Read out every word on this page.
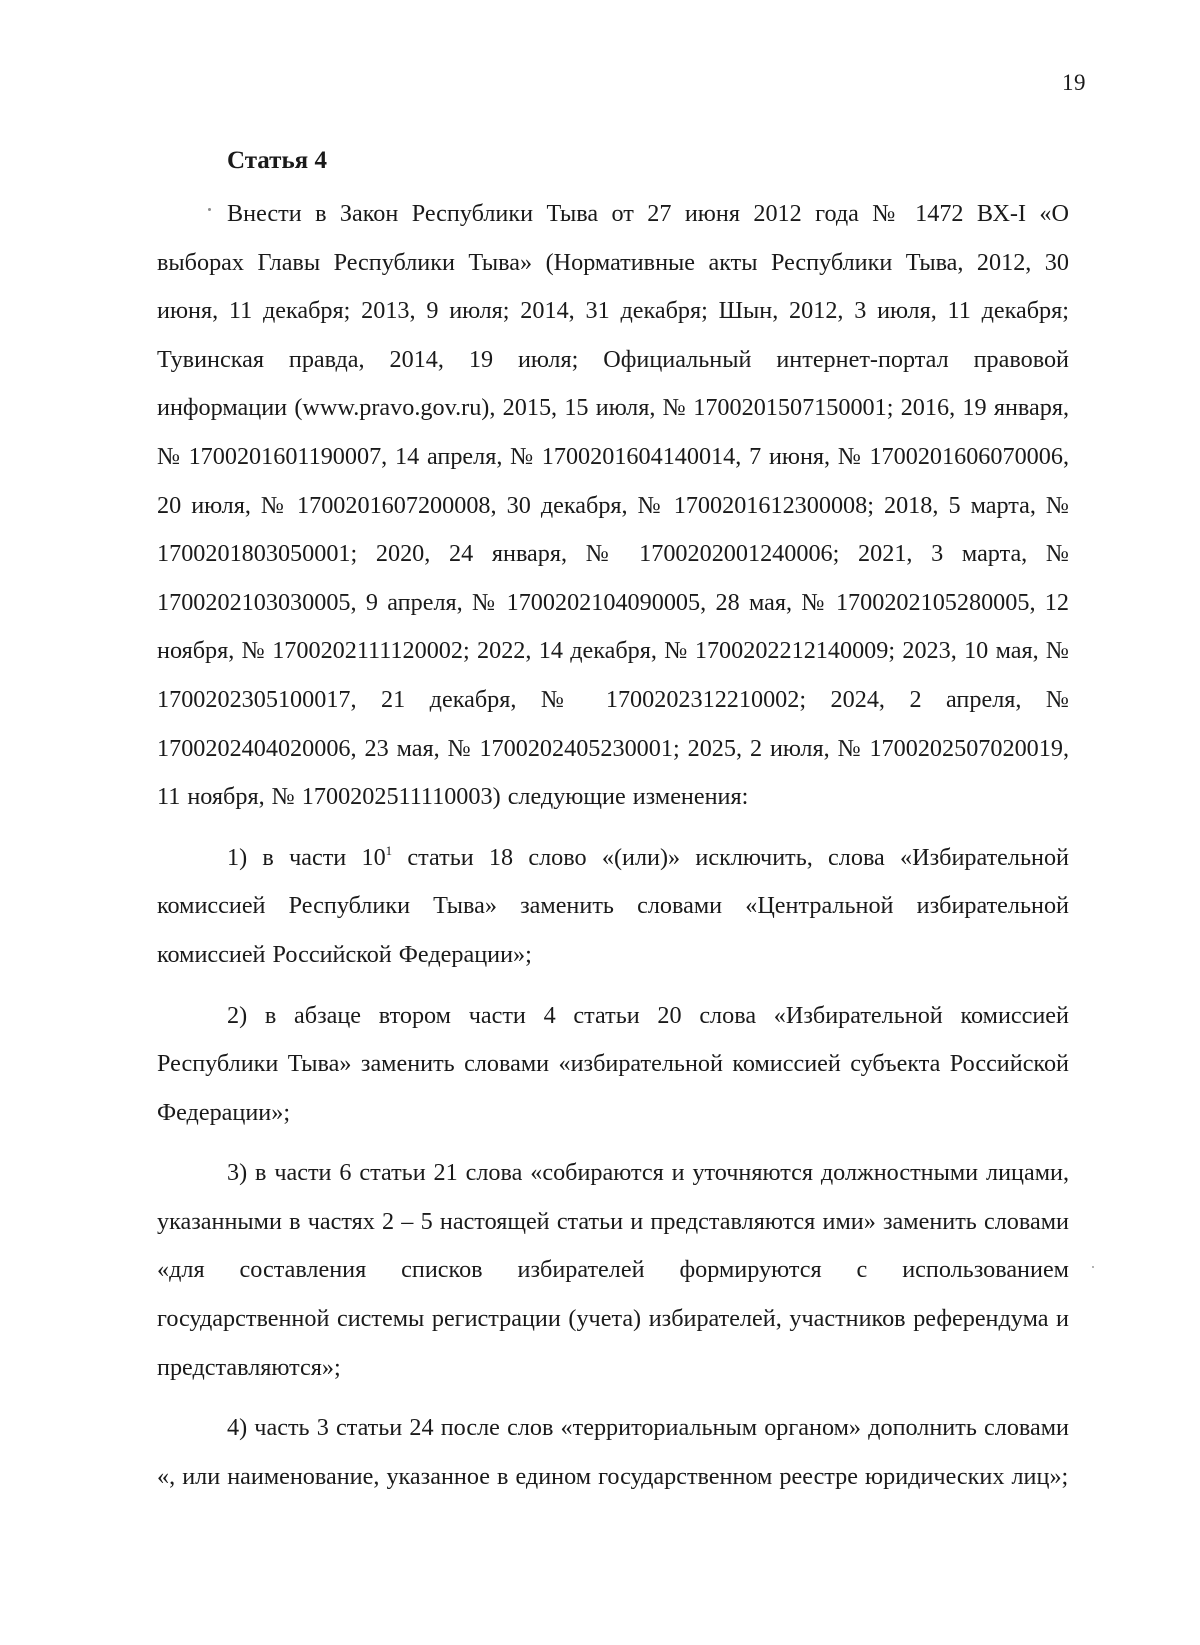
19
Статья 4

Внести в Закон Республики Тыва от 27 июня 2012 года № 1472 ВХ-I «О выборах Главы Республики Тыва» (Нормативные акты Республики Тыва, 2012, 30 июня, 11 декабря; 2013, 9 июля; 2014, 31 декабря; Шын, 2012, 3 июля, 11 декабря; Тувинская правда, 2014, 19 июля; Официальный интернет-портал правовой информации (www.pravo.gov.ru), 2015, 15 июля, № 1700201507150001; 2016, 19 января, № 1700201601190007, 14 апреля, № 1700201604140014, 7 июня, № 1700201606070006, 20 июля, № 1700201607200008, 30 декабря, № 1700201612300008; 2018, 5 марта, № 1700201803050001; 2020, 24 января, № 1700202001240006; 2021, 3 марта, № 1700202103030005, 9 апреля, № 1700202104090005, 28 мая, № 1700202105280005, 12 ноября, № 1700202111120002; 2022, 14 декабря, № 1700202212140009; 2023, 10 мая, № 1700202305100017, 21 декабря, № 1700202312210002; 2024, 2 апреля, № 1700202404020006, 23 мая, № 1700202405230001; 2025, 2 июля, № 1700202507020019, 11 ноября, № 1700202511110003) следующие изменения:

1) в части $10^1$ статьи 18 слово «(или)» исключить, слова «Избирательной комиссией Республики Тыва» заменить словами «Центральной избирательной комиссией Российской Федерации»;

2) в абзаце втором части 4 статьи 20 слова «Избирательной комиссией Республики Тыва» заменить словами «избирательной комиссией субъекта Российской Федерации»;

3) в части 6 статьи 21 слова «собираются и уточняются должностными лицами, указанными в частях 2 – 5 настоящей статьи и представляются ими» заменить словами «для составления списков избирателей формируются с использованием государственной системы регистрации (учета) избирателей, участников референдума и представляются»;

4) часть 3 статьи 24 после слов «территориальным органом» дополнить словами «, или наименование, указанное в едином государственном реестре юридических лиц»;
